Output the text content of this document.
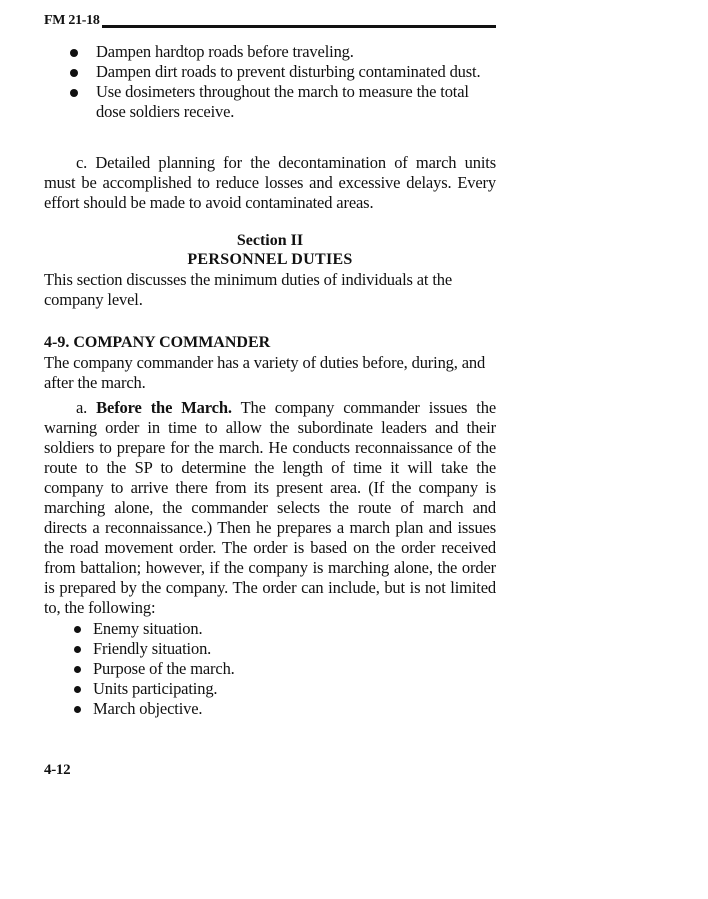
FM 21-18
Dampen hardtop roads before traveling.
Dampen dirt roads to prevent disturbing contaminated dust.
Use dosimeters throughout the march to measure the total dose soldiers receive.

c. Detailed planning for the decontamination of march units must be accomplished to reduce losses and excessive delays. Every effort should be made to avoid contaminated areas.

Section II
PERSONNEL DUTIES

This section discusses the minimum duties of individuals at the company level.

4-9. COMPANY COMMANDER

The company commander has a variety of duties before, during, and after the march.

a. Before the March. The company commander issues the warning order in time to allow the subordinate leaders and their soldiers to prepare for the march. He conducts reconnaissance of the route to the SP to determine the length of time it will take the company to arrive there from its present area. (If the company is marching alone, the commander selects the route of march and directs a reconnaissance.) Then he prepares a march plan and issues the road movement order. The order is based on the order received from battalion; however, if the company is marching alone, the order is prepared by the company. The order can include, but is not limited to, the following:

Enemy situation.
Friendly situation.
Purpose of the march.
Units participating.
March objective.
4-12
